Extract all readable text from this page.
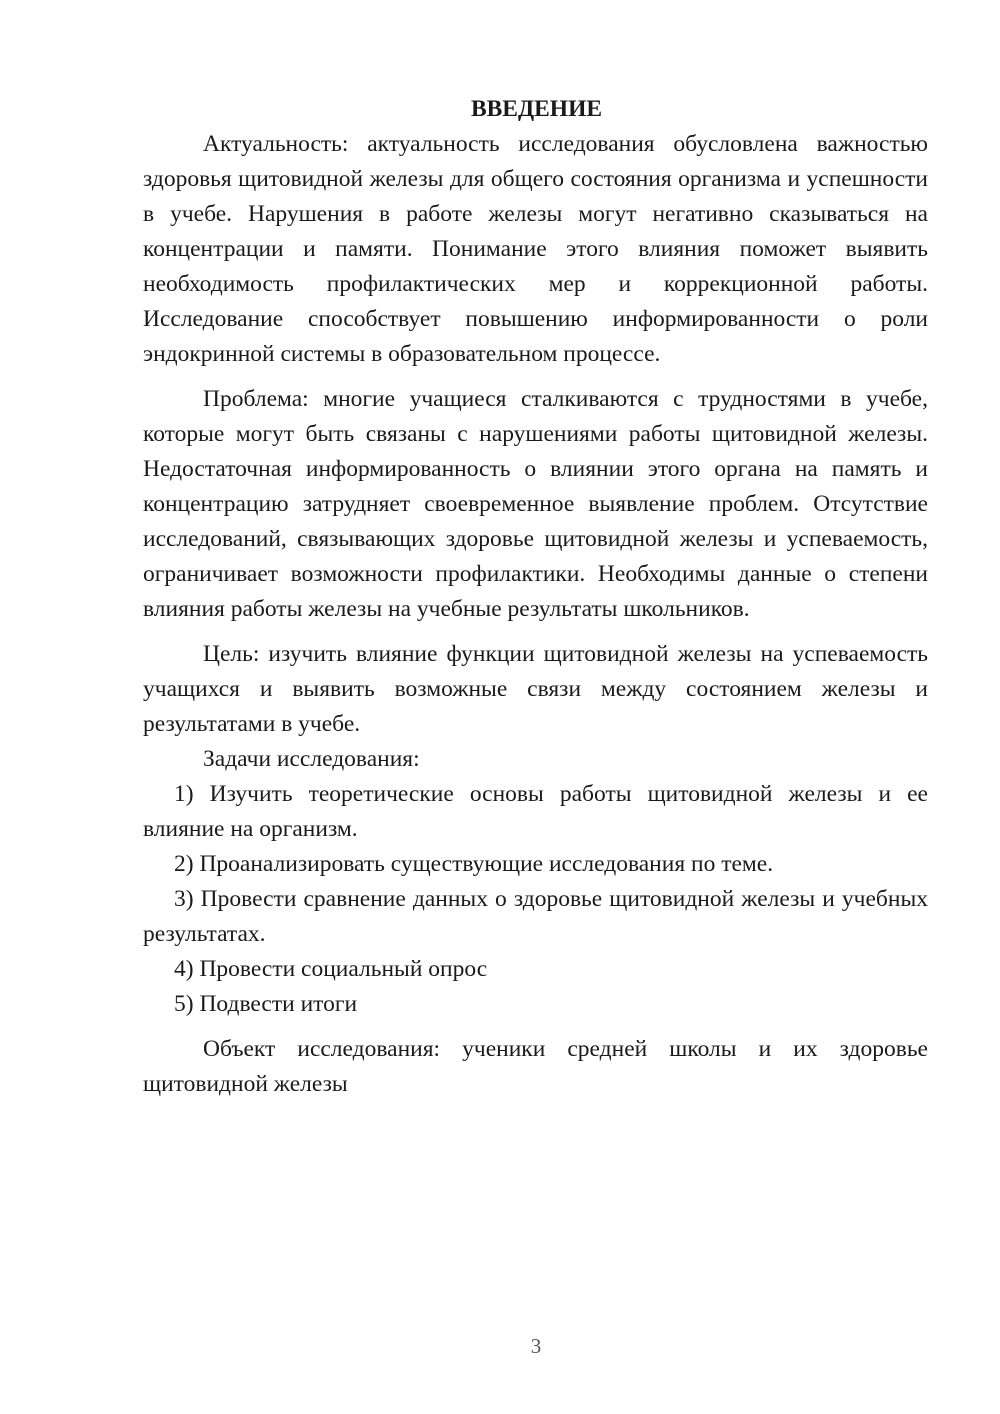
ВВЕДЕНИЕ

Актуальность: актуальность исследования обусловлена важностью здоровья щитовидной железы для общего состояния организма и успешности в учебе. Нарушения в работе железы могут негативно сказываться на концентрации и памяти. Понимание этого влияния поможет выявить необходимость профилактических мер и коррекционной работы. Исследование способствует повышению информированности о роли эндокринной системы в образовательном процессе.

Проблема: многие учащиеся сталкиваются с трудностями в учебе, которые могут быть связаны с нарушениями работы щитовидной железы. Недостаточная информированность о влиянии этого органа на память и концентрацию затрудняет своевременное выявление проблем. Отсутствие исследований, связывающих здоровье щитовидной железы и успеваемость, ограничивает возможности профилактики. Необходимы данные о степени влияния работы железы на учебные результаты школьников.

Цель: изучить влияние функции щитовидной железы на успеваемость учащихся и выявить возможные связи между состоянием железы и результатами в учебе.

Задачи исследования:

1) Изучить теоретические основы работы щитовидной железы и ее влияние на организм.

2) Проанализировать существующие исследования по теме.

3) Провести сравнение данных о здоровье щитовидной железы и учебных результатах.

4) Провести социальный опрос

5) Подвести итоги

Объект исследования: ученики средней школы и их здоровье щитовидной железы

3
